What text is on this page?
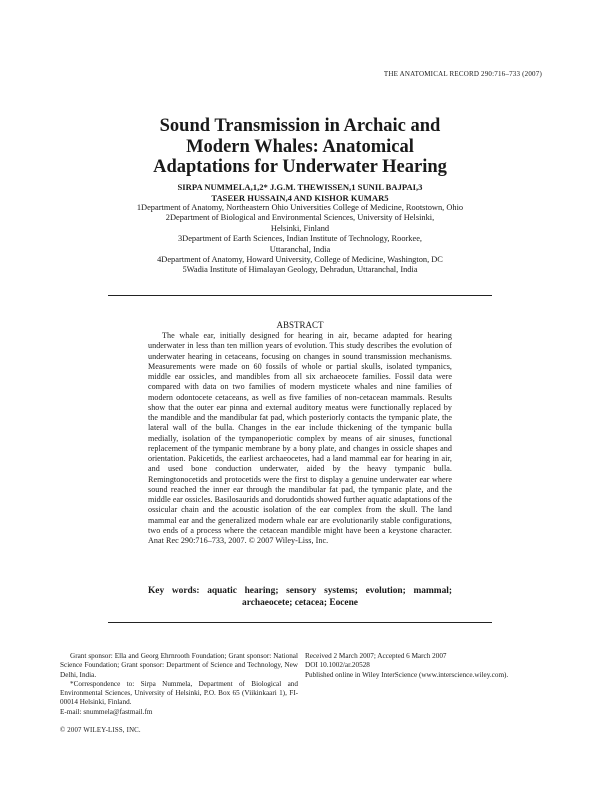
THE ANATOMICAL RECORD 290:716–733 (2007)
Sound Transmission in Archaic and
Modern Whales: Anatomical
Adaptations for Underwater Hearing
SIRPA NUMMELA,1,2* J.G.M. THEWISSEN,1 SUNIL BAJPAI,3
TASEER HUSSAIN,4 AND KISHOR KUMAR5
1Department of Anatomy, Northeastern Ohio Universities College of Medicine, Rootstown, Ohio
2Department of Biological and Environmental Sciences, University of Helsinki,
Helsinki, Finland
3Department of Earth Sciences, Indian Institute of Technology, Roorkee,
Uttaranchal, India
4Department of Anatomy, Howard University, College of Medicine, Washington, DC
5Wadia Institute of Himalayan Geology, Dehradun, Uttaranchal, India
ABSTRACT
The whale ear, initially designed for hearing in air, became adapted for hearing underwater in less than ten million years of evolution. This study describes the evolution of underwater hearing in cetaceans, focusing on changes in sound transmission mechanisms. Measurements were made on 60 fossils of whole or partial skulls, isolated tympanics, middle ear ossicles, and mandibles from all six archaeocete families. Fossil data were compared with data on two families of modern mysticete whales and nine families of modern odontocete cetaceans, as well as five families of non-cetacean mammals. Results show that the outer ear pinna and external auditory meatus were functionally replaced by the mandible and the mandibular fat pad, which posteriorly contacts the tympanic plate, the lateral wall of the bulla. Changes in the ear include thickening of the tympanic bulla medially, isolation of the tympanoperiotic complex by means of air sinuses, functional replacement of the tympanic membrane by a bony plate, and changes in ossicle shapes and orientation. Pakicetids, the earliest archaeocetes, had a land mammal ear for hearing in air, and used bone conduction underwater, aided by the heavy tympanic bulla. Remingtonocetids and protocetids were the first to display a genuine underwater ear where sound reached the inner ear through the mandibular fat pad, the tympanic plate, and the middle ear ossicles. Basilosaurids and dorudontids showed further aquatic adaptations of the ossicular chain and the acoustic isolation of the ear complex from the skull. The land mammal ear and the generalized modern whale ear are evolutionarily stable configurations, two ends of a process where the cetacean mandible might have been a keystone character. Anat Rec 290:716–733, 2007. © 2007 Wiley-Liss, Inc.
Key words: aquatic hearing; sensory systems; evolution; mammal; archaeocete; cetacea; Eocene

Grant sponsor: Ella and Georg Ehrnrooth Foundation; Grant sponsor: National Science Foundation; Grant sponsor: Department of Science and Technology, New Delhi, India.

*Correspondence to: Sirpa Nummela, Department of Biological and Environmental Sciences, University of Helsinki, P.O. Box 65 (Viikinkaari 1), FI-00014 Helsinki, Finland.

E-mail: snummela@fastmail.fm

Received 2 March 2007; Accepted 6 March 2007

DOI 10.1002/ar.20528

Published online in Wiley InterScience (www.interscience.wiley.com).

© 2007 WILEY-LISS, INC.
